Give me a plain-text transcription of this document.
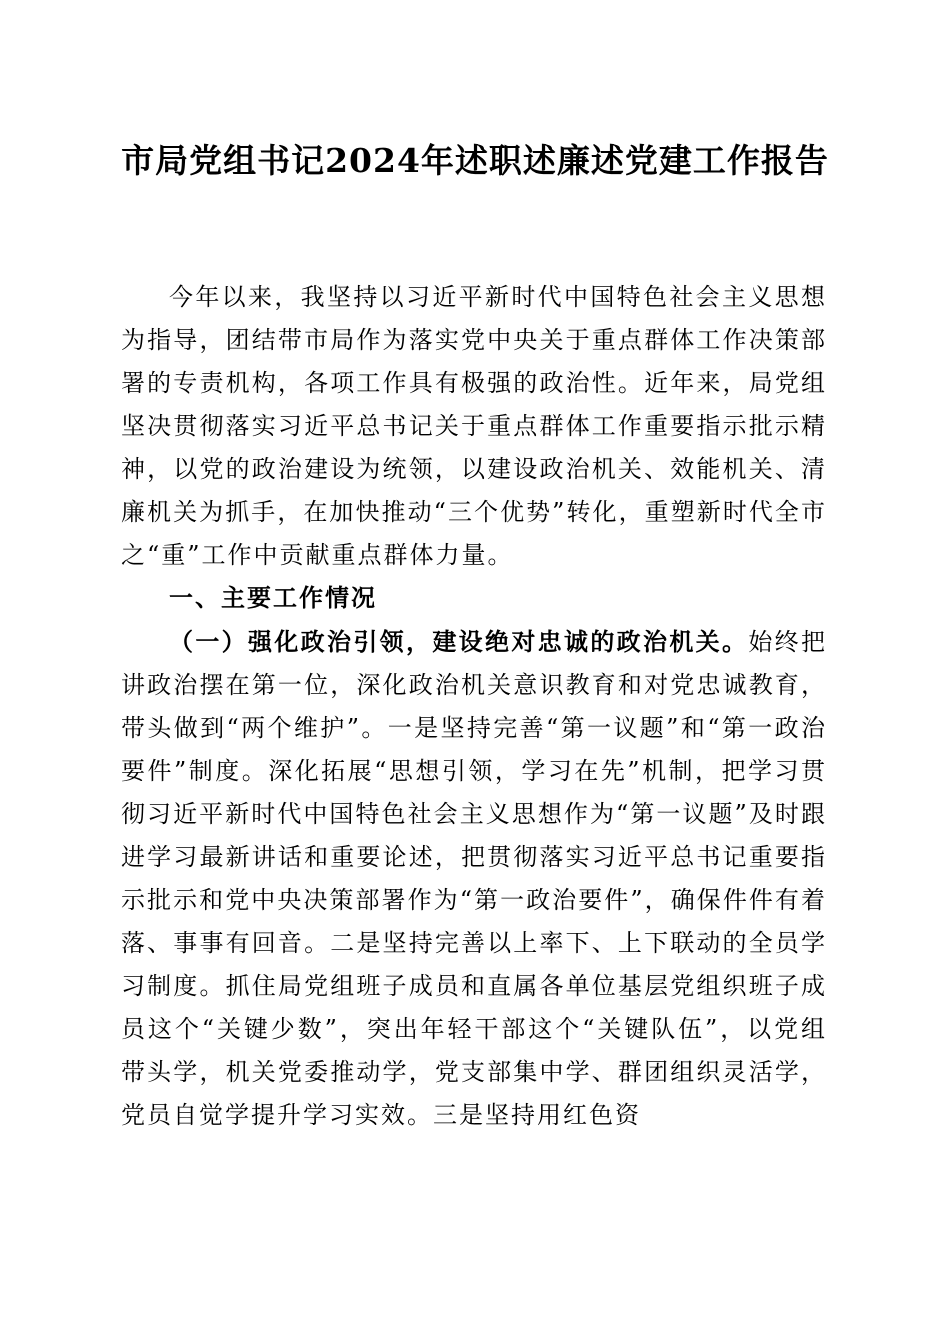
市局党组书记2024年述职述廉述党建工作报告

今年以来，我坚持以习近平新时代中国特色社会主义思想为指导，团结带市局作为落实党中央关于重点群体工作决策部署的专责机构，各项工作具有极强的政治性。近年来，局党组坚决贯彻落实习近平总书记关于重点群体工作重要指示批示精神，以党的政治建设为统领，以建设政治机关、效能机关、清廉机关为抓手，在加快推动“三个优势”转化，重塑新时代全市之“重”工作中贡献重点群体力量。

一、主要工作情况

（一）强化政治引领，建设绝对忠诚的政治机关。始终把讲政治摆在第一位，深化政治机关意识教育和对党忠诚教育，带头做到“两个维护”。一是坚持完善“第一议题”和“第一政治要件”制度。深化拓展“思想引领，学习在先”机制，把学习贯彻习近平新时代中国特色社会主义思想作为“第一议题”及时跟进学习最新讲话和重要论述，把贯彻落实习近平总书记重要指示批示和党中央决策部署作为“第一政治要件”，确保件件有着落、事事有回音。二是坚持完善以上率下、上下联动的全员学习制度。抓住局党组班子成员和直属各单位基层党组织班子成员这个“关键少数”，突出年轻干部这个“关键队伍”，以党组带头学，机关党委推动学，党支部集中学、群团组织灵活学，党员自觉学提升学习实效。三是坚持用红色资
